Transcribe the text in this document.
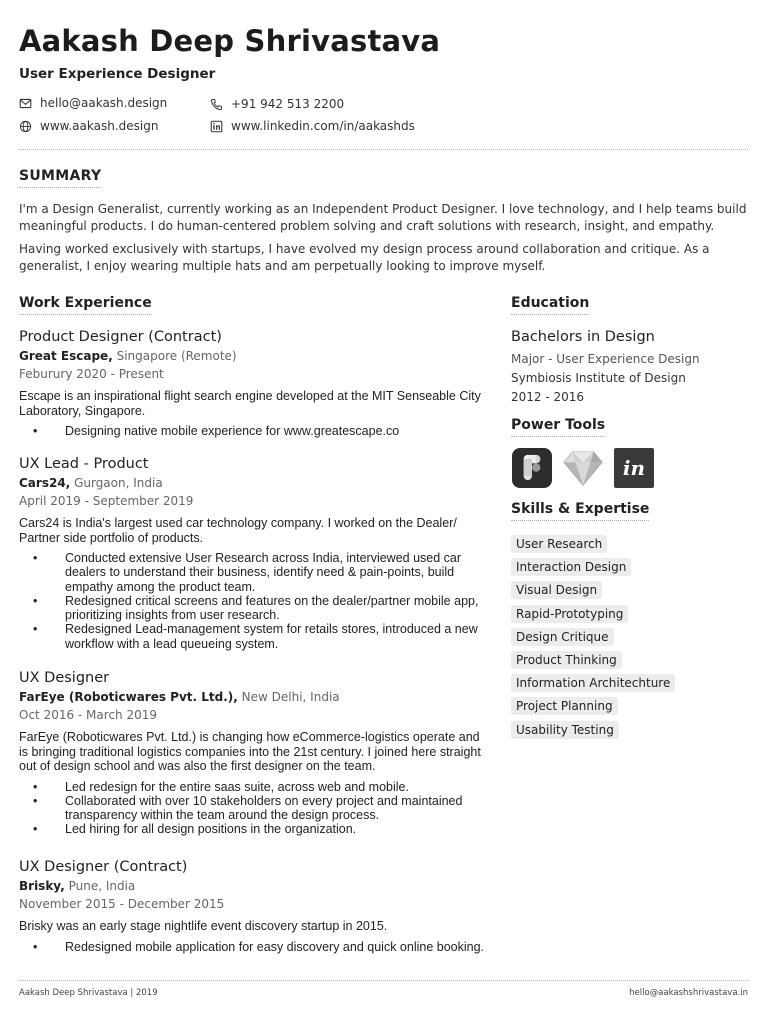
Aakash Deep Shrivastava
User Experience Designer
hello@aakash.design	+91 942 513 2200
www.aakash.design	www.linkedin.com/in/aakashds
SUMMARY

I'm a Design Generalist, currently working as an Independent Product Designer. I love technology, and I help teams build meaningful products. I do human-centered problem solving and craft solutions with research, insight, and empathy.

Having worked exclusively with startups, I have evolved my design process around collaboration and critique. As a generalist, I enjoy wearing multiple hats and am perpetually looking to improve myself.

Work Experience
Product Designer (Contract)
Great Escape, Singapore (Remote)
Feburury 2020 - Present
Escape is an inspirational flight search engine developed at the MIT Senseable City Laboratory, Singapore.
• Designing native mobile experience for www.greatescape.co
UX Lead - Product
Cars24, Gurgaon, India
April 2019 - September 2019
Cars24 is India's largest used car technology company. I worked on the Dealer/ Partner side portfolio of products.
• Conducted extensive User Research across India, interviewed used car dealers to understand their business, identify need & pain-points, build empathy among the product team.
• Redesigned critical screens and features on the dealer/partner mobile app, prioritizing insights from user research.
• Redesigned Lead-management system for retails stores, introduced a new workflow with a lead queueing system.
UX Designer
FarEye (Roboticwares Pvt. Ltd.), New Delhi, India
Oct 2016 - March 2019
FarEye (Roboticwares Pvt. Ltd.) is changing how eCommerce-logistics operate and is bringing traditional logistics companies into the 21st century. I joined here straight out of design school and was also the first designer on the team.
• Led redesign for the entire saas suite, across web and mobile.
• Collaborated with over 10 stakeholders on every project and maintained transparency within the team around the design process.
• Led hiring for all design positions in the organization.
UX Designer (Contract)
Brisky, Pune, India
November 2015 - December 2015
Brisky was an early stage nightlife event discovery startup in 2015.
• Redesigned mobile application for easy discovery and quick online booking.
Education
Bachelors in Design
Major - User Experience Design
Symbiosis Institute of Design
2012 - 2016
Power Tools
in
Skills & Expertise
User Research
Interaction Design
Visual Design
Rapid-Prototyping
Design Critique
Product Thinking
Information Architechture
Project Planning
Usability Testing
Aakash Deep Shrivastava | 2019	hello@aakashshrivastava.in
